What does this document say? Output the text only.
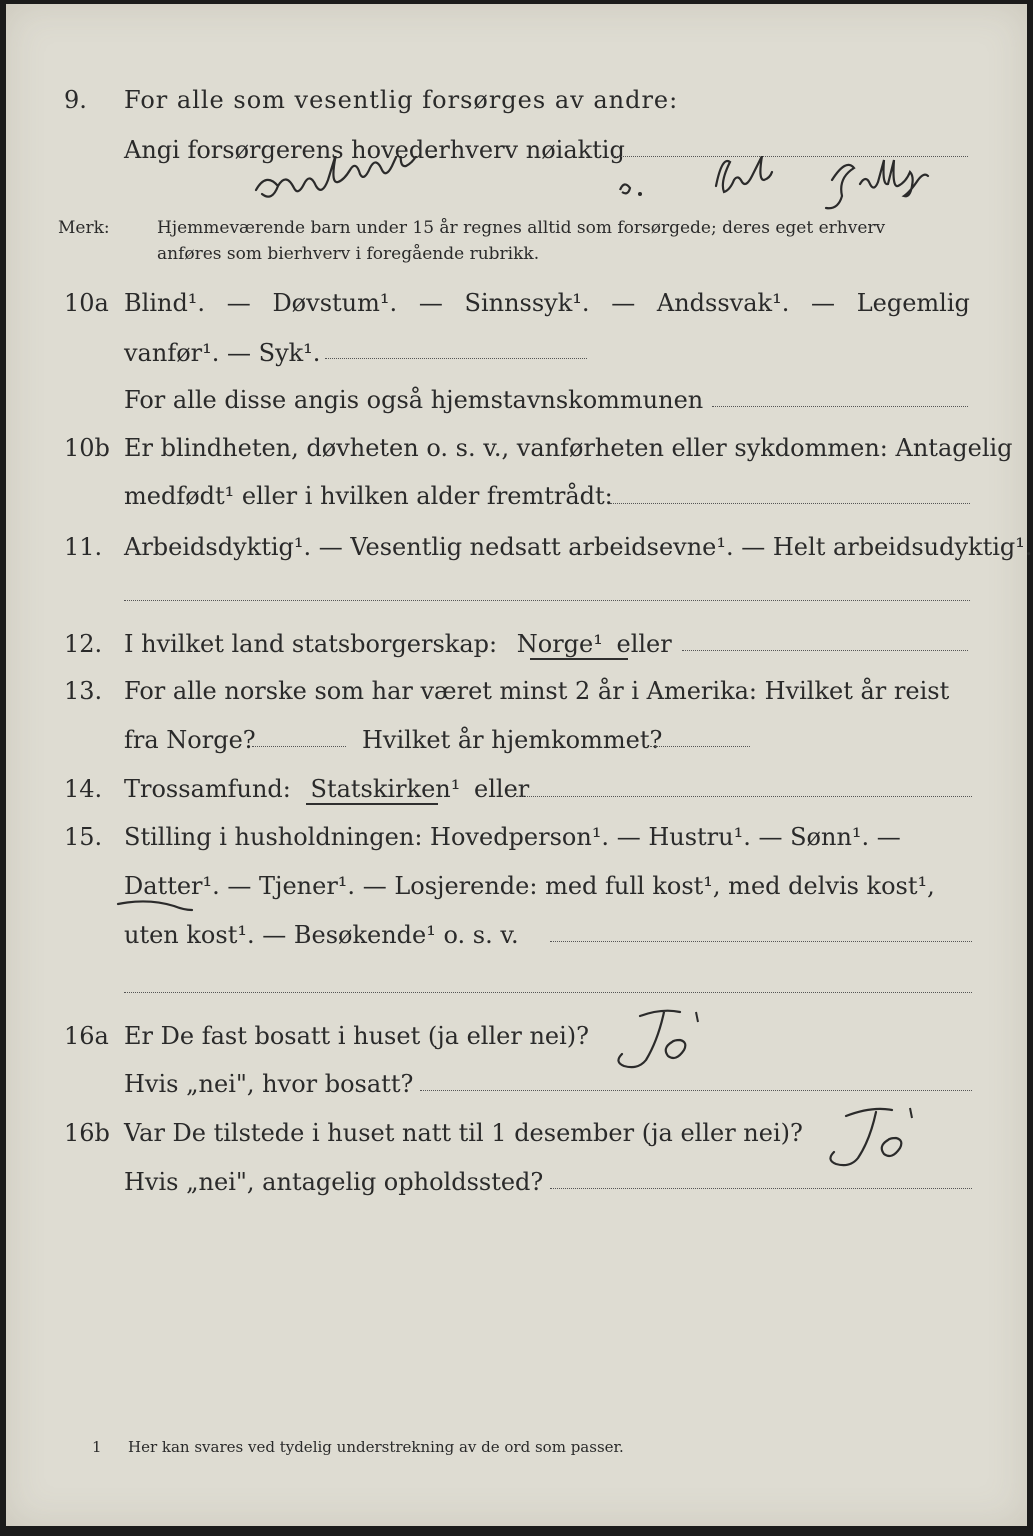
9. For alle som vesentlig forsørges av andre:
Angi forsørgerens hovederhverv nøiaktig
Merk:	Hjemmeværende barn under 15 år regnes alltid som forsørgede; deres eget erhverv
anføres som bierhverv i foregående rubrikk.
10a Blind¹. — Døvstum¹. — Sinnssyk¹. — Andssvak¹. — Legemlig
vanfør¹. — Syk¹.
For alle disse angis også hjemstavnskommunen
10b Er blindheten, døvheten o. s. v., vanførheten eller sykdommen: Antagelig
medfødt¹ eller i hvilken alder fremtrådt:
11. Arbeidsdyktig¹. — Vesentlig nedsatt arbeidsevne¹. — Helt arbeidsudyktig¹.
12. I hvilket land statsborgerskap: Norge¹ eller
13. For alle norske som har været minst 2 år i Amerika: Hvilket år reist
fra Norge?	Hvilket år hjemkommet?
14. Trossamfund: Statskirken¹ eller
15. Stilling i husholdningen: Hovedperson¹. — Hustru¹. — Sønn¹. —
Datter¹. — Tjener¹. — Losjerende: med full kost¹, med delvis kost¹,
uten kost¹. — Besøkende¹ o. s. v.
16a Er De fast bosatt i huset (ja eller nei)?
Hvis „nei", hvor bosatt?
16b Var De tilstede i huset natt til 1 desember (ja eller nei)?
Hvis „nei", antagelig opholdssted?
1 Her kan svares ved tydelig understrekning av de ord som passer.
